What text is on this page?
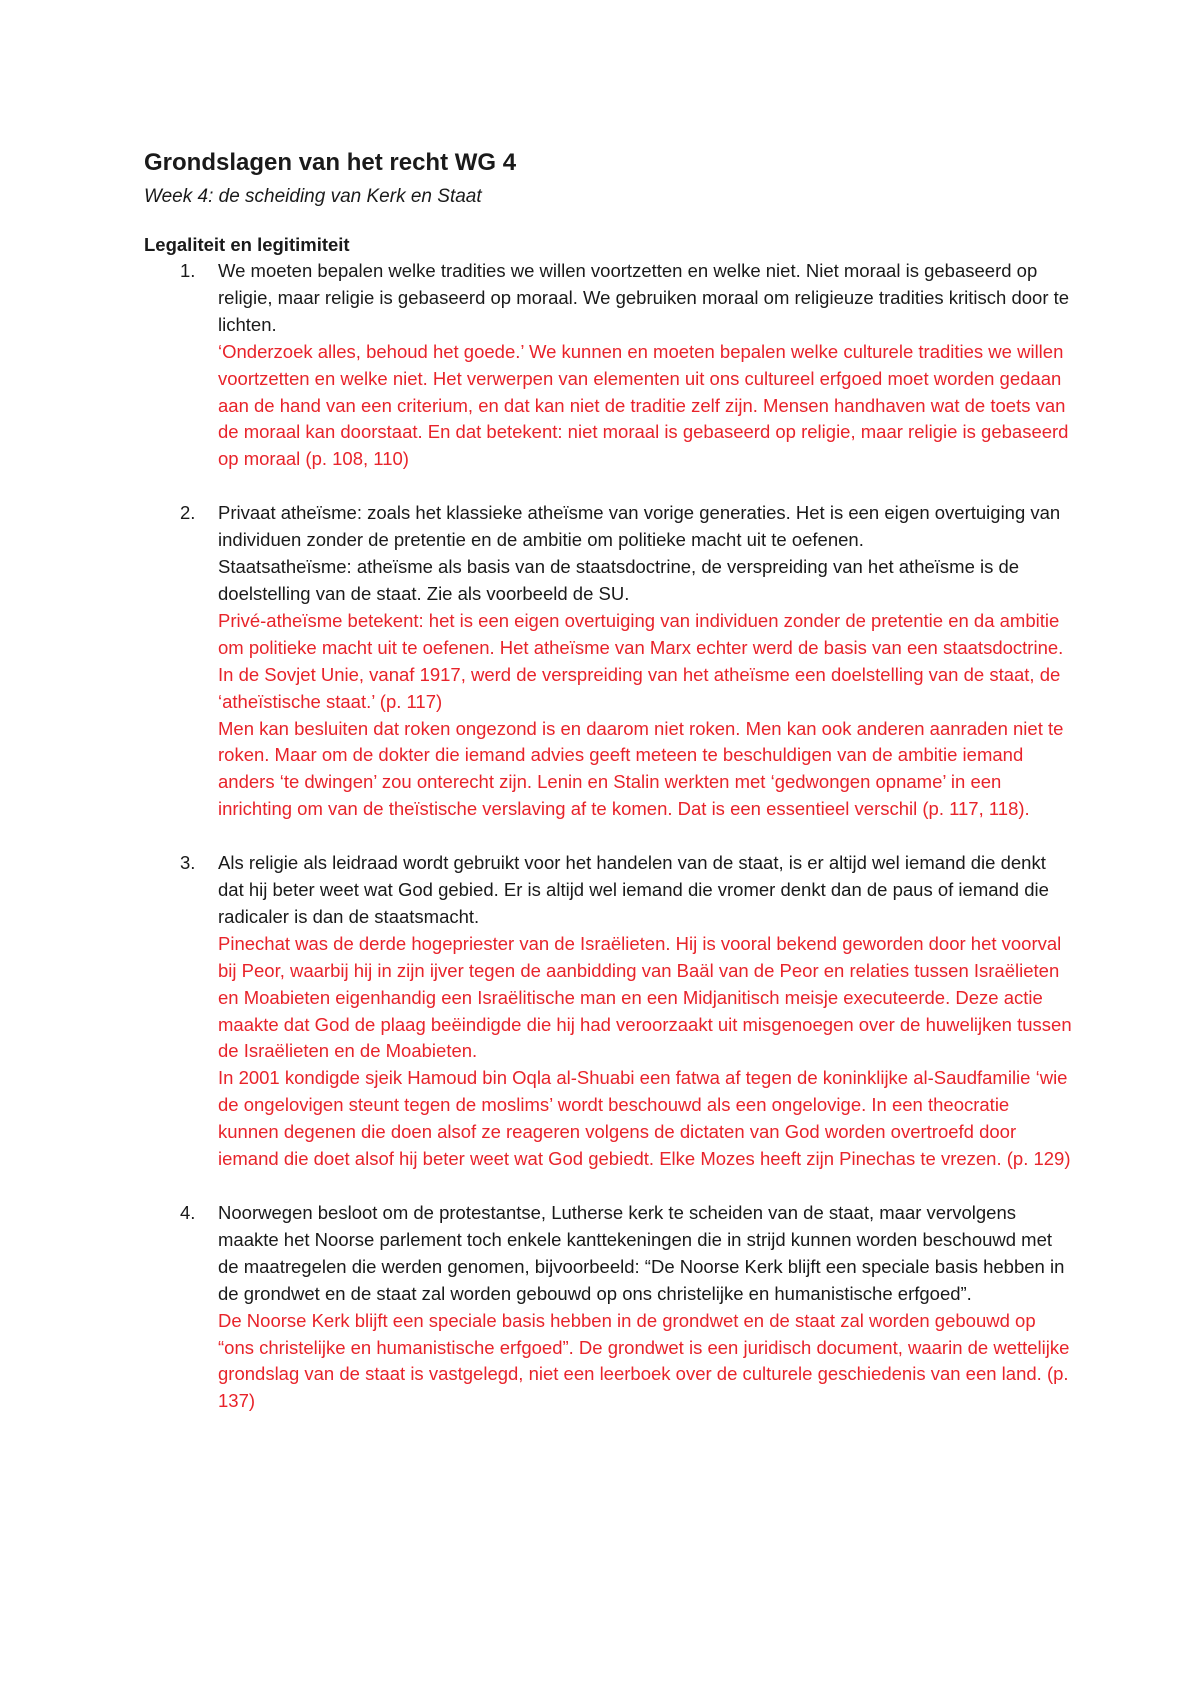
Grondslagen van het recht WG 4
Week 4: de scheiding van Kerk en Staat
Legaliteit en legitimiteit
1. We moeten bepalen welke tradities we willen voortzetten en welke niet. Niet moraal is gebaseerd op religie, maar religie is gebaseerd op moraal. We gebruiken moraal om religieuze tradities kritisch door te lichten.

‘Onderzoek alles, behoud het goede.’ We kunnen en moeten bepalen welke culturele tradities we willen voortzetten en welke niet. Het verwerpen van elementen uit ons cultureel erfgoed moet worden gedaan aan de hand van een criterium, en dat kan niet de traditie zelf zijn. Mensen handhaven wat de toets van de moraal kan doorstaat. En dat betekent: niet moraal is gebaseerd op religie, maar religie is gebaseerd op moraal (p. 108, 110)

2. Privaat atheïsme: zoals het klassieke atheïsme van vorige generaties. Het is een eigen overtuiging van individuen zonder de pretentie en de ambitie om politieke macht uit te oefenen.

Staatsatheïsme: atheïsme als basis van de staatsdoctrine, de verspreiding van het atheïsme is de doelstelling van de staat. Zie als voorbeeld de SU.

Privé-atheïsme betekent: het is een eigen overtuiging van individuen zonder de pretentie en da ambitie om politieke macht uit te oefenen. Het atheïsme van Marx echter werd de basis van een staatsdoctrine. In de Sovjet Unie, vanaf 1917, werd de verspreiding van het atheïsme een doelstelling van de staat, de ‘atheïstische staat.’ (p. 117)

Men kan besluiten dat roken ongezond is en daarom niet roken. Men kan ook anderen aanraden niet te roken. Maar om de dokter die iemand advies geeft meteen te beschuldigen van de ambitie iemand anders ‘te dwingen’ zou onterecht zijn. Lenin en Stalin werkten met ‘gedwongen opname’ in een inrichting om van de theïstische verslaving af te komen. Dat is een essentieel verschil (p. 117, 118).

3. Als religie als leidraad wordt gebruikt voor het handelen van de staat, is er altijd wel iemand die denkt dat hij beter weet wat God gebied. Er is altijd wel iemand die vromer denkt dan de paus of iemand die radicaler is dan de staatsmacht.

Pinechat was de derde hogepriester van de Israëlieten. Hij is vooral bekend geworden door het voorval bij Peor, waarbij hij in zijn ijver tegen de aanbidding van Baäl van de Peor en relaties tussen Israëlieten en Moabieten eigenhandig een Israëlitische man en een Midjanitisch meisje executeerde. Deze actie maakte dat God de plaag beëindigde die hij had veroorzaakt uit misgenoegen over de huwelijken tussen de Israëlieten en de Moabieten.

In 2001 kondigde sjeik Hamoud bin Oqla al-Shuabi een fatwa af tegen de koninklijke al-Saudfamilie ‘wie de ongelovigen steunt tegen de moslims’ wordt beschouwd als een ongelovige. In een theocratie kunnen degenen die doen alsof ze reageren volgens de dictaten van God worden overtroefd door iemand die doet alsof hij beter weet wat God gebiedt. Elke Mozes heeft zijn Pinechas te vrezen. (p. 129)

4. Noorwegen besloot om de protestantse, Lutherse kerk te scheiden van de staat, maar vervolgens maakte het Noorse parlement toch enkele kanttekeningen die in strijd kunnen worden beschouwd met de maatregelen die werden genomen, bijvoorbeeld: “De Noorse Kerk blijft een speciale basis hebben in de grondwet en de staat zal worden gebouwd op ons christelijke en humanistische erfgoed”.

De Noorse Kerk blijft een speciale basis hebben in de grondwet en de staat zal worden gebouwd op “ons christelijke en humanistische erfgoed”. De grondwet is een juridisch document, waarin de wettelijke grondslag van de staat is vastgelegd, niet een leerboek over de culturele geschiedenis van een land. (p. 137)
